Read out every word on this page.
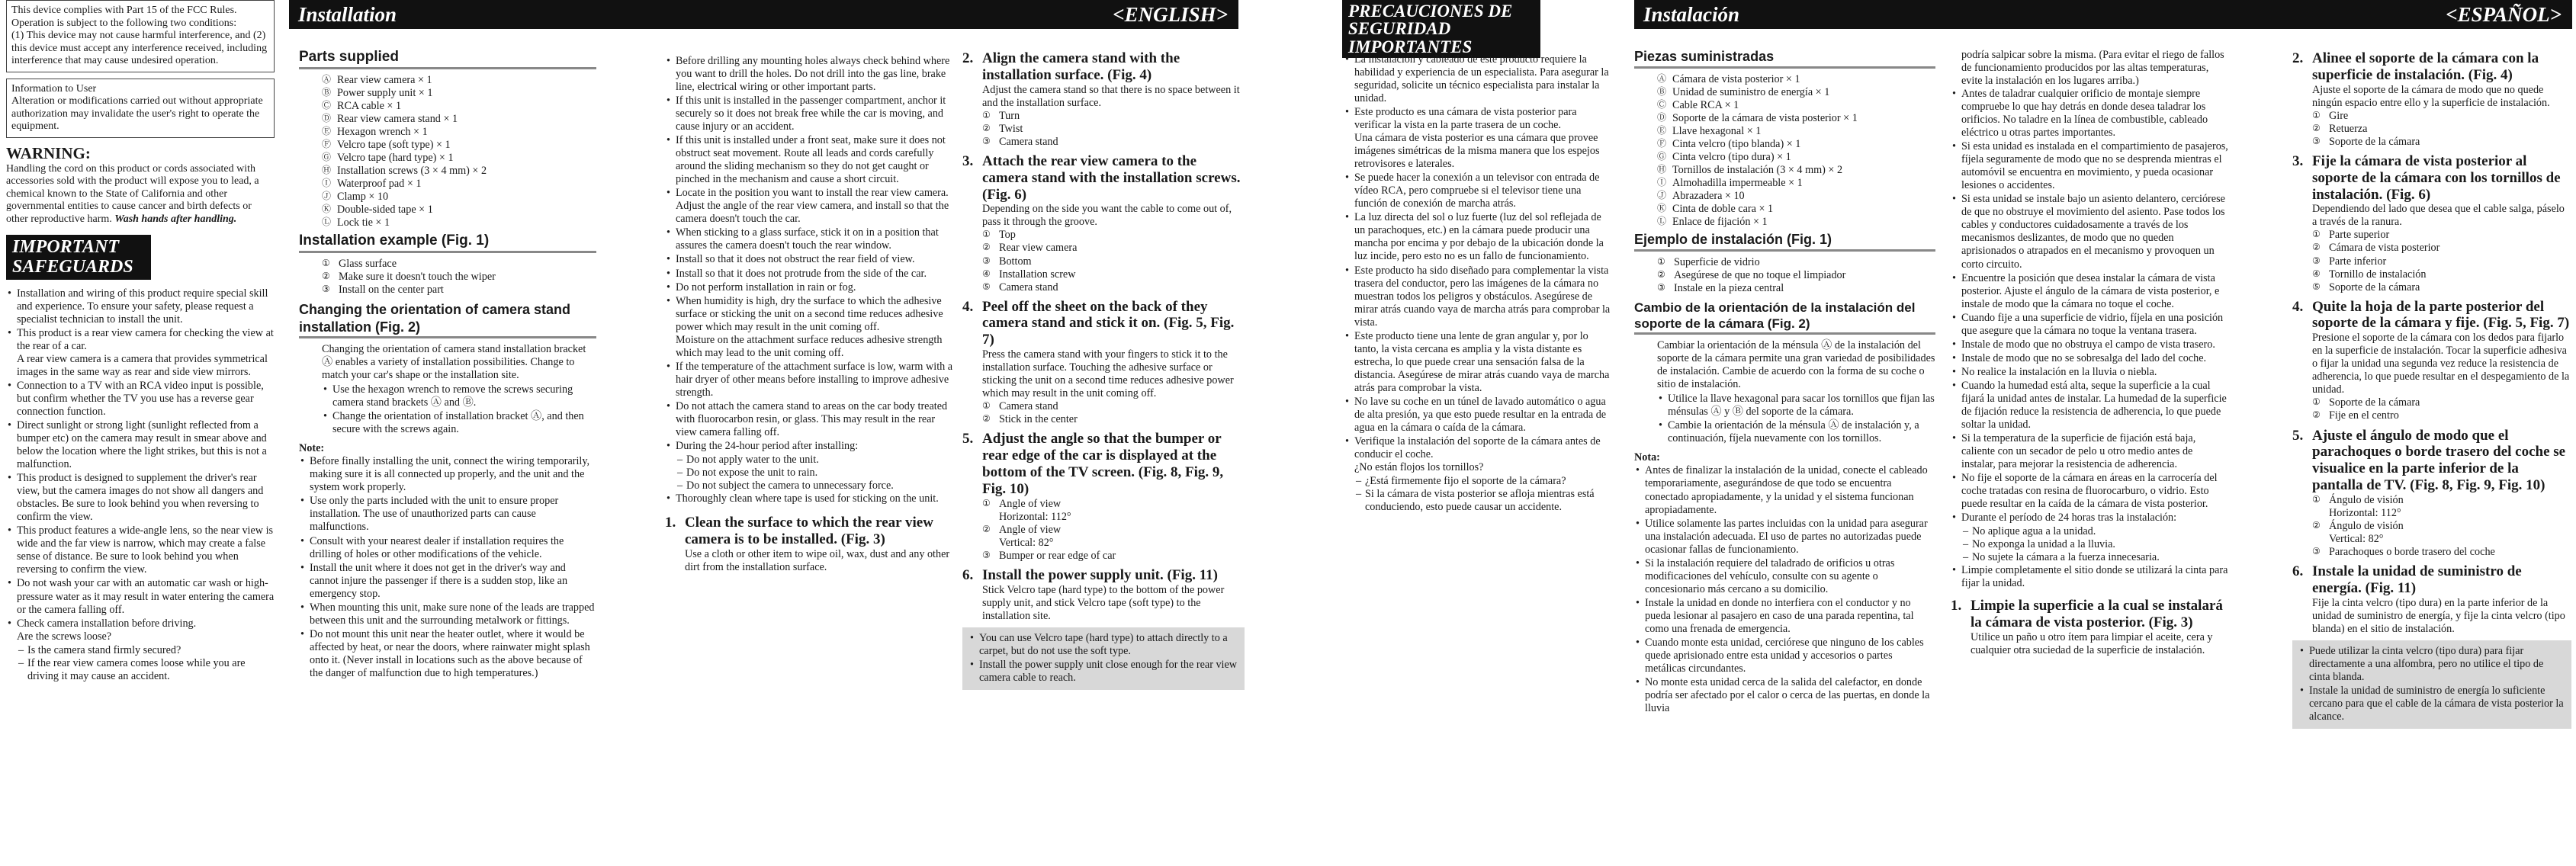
This device complies with Part 15 of the FCC Rules.
Operation is subject to the following two conditions:
(1) This device may not cause harmful interference, and (2) this device must accept any interference received, including interference that may cause undesired operation.
Information to User
Alteration or modifications carried out without appropriate authorization may invalidate the user's right to operate the equipment.
WARNING:
Handling the cord on this product or cords associated with accessories sold with the product will expose you to lead, a chemical known to the State of California and other governmental entities to cause cancer and birth defects or other reproductive harm. Wash hands after handling.
IMPORTANT SAFEGUARDS
• Installation and wiring of this product require special skill and experience. To ensure your safety, please request a specialist technician to install the unit.
• This product is a rear view camera for checking the view at the rear of a car.
A rear view camera is a camera that provides symmetrical images in the same way as rear and side view mirrors.
• Connection to a TV with an RCA video input is possible, but confirm whether the TV you use has a reverse gear connection function.
• Direct sunlight or strong light (sunlight reflected from a bumper etc) on the camera may result in smear above and below the location where the light strikes, but this is not a malfunction.
• This product is designed to supplement the driver's rear view, but the camera images do not show all dangers and obstacles. Be sure to look behind you when reversing to confirm the view.
• This product features a wide-angle lens, so the near view is wide and the far view is narrow, which may create a false sense of distance. Be sure to look behind you when reversing to confirm the view.
• Do not wash your car with an automatic car wash or high-pressure water as it may result in water entering the camera or the camera falling off.
• Check camera installation before driving.
Are the screws loose?
– Is the camera stand firmly secured?
– If the rear view camera comes loose while you are driving it may cause an accident.
Installation	<ENGLISH>
Parts supplied
Ⓐ Rear view camera × 1
Ⓑ Power supply unit × 1
Ⓒ RCA cable × 1
Ⓓ Rear view camera stand × 1
Ⓔ Hexagon wrench × 1
Ⓕ Velcro tape (soft type) × 1
Ⓖ Velcro tape (hard type) × 1
Ⓗ Installation screws (3 × 4 mm) × 2
Ⓘ Waterproof pad × 1
Ⓙ Clamp × 10
Ⓚ Double-sided tape × 1
Ⓛ Lock tie × 1
Installation example (Fig. 1)
① Glass surface
② Make sure it doesn't touch the wiper
③ Install on the center part
Changing the orientation of camera stand installation (Fig. 2)
Changing the orientation of camera stand installation bracket Ⓐ enables a variety of installation possibilities. Change to match your car's shape or the installation site.
• Use the hexagon wrench to remove the screws securing camera stand brackets Ⓐ and Ⓑ.
• Change the orientation of installation bracket Ⓐ, and then secure with the screws again.
Note:
• Before finally installing the unit, connect the wiring temporarily, making sure it is all connected up properly, and the unit and the system work properly.
• Use only the parts included with the unit to ensure proper installation. The use of unauthorized parts can cause malfunctions.
• Consult with your nearest dealer if installation requires the drilling of holes or other modifications of the vehicle.
• Install the unit where it does not get in the driver's way and cannot injure the passenger if there is a sudden stop, like an emergency stop.
• When mounting this unit, make sure none of the leads are trapped between this unit and the surrounding metalwork or fittings.
• Do not mount this unit near the heater outlet, where it would be affected by heat, or near the doors, where rainwater might splash onto it. (Never install in locations such as the above because of the danger of malfunction due to high temperatures.)
• Before drilling any mounting holes always check behind where you want to drill the holes. Do not drill into the gas line, brake line, electrical wiring or other important parts.
• If this unit is installed in the passenger compartment, anchor it securely so it does not break free while the car is moving, and cause injury or an accident.
• If this unit is installed under a front seat, make sure it does not obstruct seat movement. Route all leads and cords carefully around the sliding mechanism so they do not get caught or pinched in the mechanism and cause a short circuit.
• Locate in the position you want to install the rear view camera. Adjust the angle of the rear view camera, and install so that the camera doesn't touch the car.
• When sticking to a glass surface, stick it on in a position that assures the camera doesn't touch the rear window.
• Install so that it does not obstruct the rear field of view.
• Install so that it does not protrude from the side of the car.
• Do not perform installation in rain or fog.
• When humidity is high, dry the surface to which the adhesive surface or sticking the unit on a second time reduces adhesive power which may result in the unit coming off.
Moisture on the attachment surface reduces adhesive strength which may lead to the unit coming off.
• If the temperature of the attachment surface is low, warm with a hair dryer of other means before installing to improve adhesive strength.
• Do not attach the camera stand to areas on the car body treated with fluorocarbon resin, or glass. This may result in the rear view camera falling off.
• During the 24-hour period after installing:
– Do not apply water to the unit.
– Do not expose the unit to rain.
– Do not subject the camera to unnecessary force.
• Thoroughly clean where tape is used for sticking on the unit.
1. Clean the surface to which the rear view camera is to be installed. (Fig. 3)
Use a cloth or other item to wipe oil, wax, dust and any other dirt from the installation surface.
2. Align the camera stand with the installation surface. (Fig. 4)
Adjust the camera stand so that there is no space between it and the installation surface.
① Turn
② Twist
③ Camera stand
3. Attach the rear view camera to the camera stand with the installation screws. (Fig. 6)
Depending on the side you want the cable to come out of, pass it through the groove.
① Top
② Rear view camera
③ Bottom
④ Installation screw
⑤ Camera stand
4. Peel off the sheet on the back of they camera stand and stick it on. (Fig. 5, Fig. 7)
Press the camera stand with your fingers to stick it to the installation surface. Touching the adhesive surface or sticking the unit on a second time reduces adhesive power which may result in the unit coming off.
① Camera stand
② Stick in the center
5. Adjust the angle so that the bumper or rear edge of the car is displayed at the bottom of the TV screen. (Fig. 8, Fig. 9, Fig. 10)
① Angle of view
Horizontal: 112°
② Angle of view
Vertical: 82°
③ Bumper or rear edge of car
6. Install the power supply unit. (Fig. 11)
Stick Velcro tape (hard type) to the bottom of the power supply unit, and stick Velcro tape (soft type) to the installation site.
• You can use Velcro tape (hard type) to attach directly to a carpet, but do not use the soft type.
• Install the power supply unit close enough for the rear view camera cable to reach.
PRECAUCIONES DE SEGURIDAD IMPORTANTES
• La instalación y cableado de este producto requiere la habilidad y experiencia de un especialista. Para asegurar la seguridad, solicite un técnico especialista para instalar la unidad.
• Este producto es una cámara de vista posterior para verificar la vista en la parte trasera de un coche.
Una cámara de vista posterior es una cámara que provee imágenes simétricas de la misma manera que los espejos retrovisores e laterales.
• Se puede hacer la conexión a un televisor con entrada de vídeo RCA, pero compruebe si el televisor tiene una función de conexión de marcha atrás.
• La luz directa del sol o luz fuerte (luz del sol reflejada de un parachoques, etc.) en la cámara puede producir una mancha por encima y por debajo de la ubicación donde la luz incide, pero esto no es un fallo de funcionamiento.
• Este producto ha sido diseñado para complementar la vista trasera del conductor, pero las imágenes de la cámara no muestran todos los peligros y obstáculos. Asegúrese de mirar atrás cuando vaya de marcha atrás para comprobar la vista.
• Este producto tiene una lente de gran angular y, por lo tanto, la vista cercana es amplia y la vista distante es estrecha, lo que puede crear una sensación falsa de la distancia. Asegúrese de mirar atrás cuando vaya de marcha atrás para comprobar la vista.
• No lave su coche en un túnel de lavado automático o agua de alta presión, ya que esto puede resultar en la entrada de agua en la cámara o caída de la cámara.
• Verifique la instalación del soporte de la cámara antes de conducir el coche.
¿No están flojos los tornillos?
– ¿Está firmemente fijo el soporte de la cámara?
– Si la cámara de vista posterior se afloja mientras está conduciendo, esto puede causar un accidente.
Instalación	<ESPAÑOL>
Piezas suministradas
Ⓐ Cámara de vista posterior × 1
Ⓑ Unidad de suministro de energía × 1
Ⓒ Cable RCA × 1
Ⓓ Soporte de la cámara de vista posterior × 1
Ⓔ Llave hexagonal × 1
Ⓕ Cinta velcro (tipo blanda) × 1
Ⓖ Cinta velcro (tipo dura) × 1
Ⓗ Tornillos de instalación (3 × 4 mm) × 2
Ⓘ Almohadilla impermeable × 1
Ⓙ Abrazadera × 10
Ⓚ Cinta de doble cara × 1
Ⓛ Enlace de fijación × 1
Ejemplo de instalación (Fig. 1)
① Superficie de vidrio
② Asegúrese de que no toque el limpiador
③ Instale en la pieza central
Cambio de la orientación de la instalación del soporte de la cámara (Fig. 2)
Cambiar la orientación de la ménsula Ⓐ de la instalación del soporte de la cámara permite una gran variedad de posibilidades de instalación. Cambie de acuerdo con la forma de su coche o sitio de instalación.
• Utilice la llave hexagonal para sacar los tornillos que fijan las ménsulas Ⓐ y Ⓑ del soporte de la cámara.
• Cambie la orientación de la ménsula Ⓐ de instalación y, a continuación, fíjela nuevamente con los tornillos.
Nota:
• Antes de finalizar la instalación de la unidad, conecte el cableado temporariamente, asegurándose de que todo se encuentra conectado apropiadamente, y la unidad y el sistema funcionan apropiadamente.
• Utilice solamente las partes incluidas con la unidad para asegurar una instalación adecuada. El uso de partes no autorizadas puede ocasionar fallas de funcionamiento.
• Si la instalación requiere del taladrado de orificios u otras modificaciones del vehículo, consulte con su agente o concesionario más cercano a su domicilio.
• Instale la unidad en donde no interfiera con el conductor y no pueda lesionar al pasajero en caso de una parada repentina, tal como una frenada de emergencia.
• Cuando monte esta unidad, cerciórese que ninguno de los cables quede aprisionado entre esta unidad y accesorios o partes metálicas circundantes.
• No monte esta unidad cerca de la salida del calefactor, en donde podría ser afectado por el calor o cerca de las puertas, en donde la lluvia
podría salpicar sobre la misma. (Para evitar el riego de fallos de funcionamiento producidos por las altas temperaturas, evite la instalación en los lugares arriba.)
• Antes de taladrar cualquier orificio de montaje siempre compruebe lo que hay detrás en donde desea taladrar los orificios. No taladre en la línea de combustible, cableado eléctrico u otras partes importantes.
• Si esta unidad es instalada en el compartimiento de pasajeros, fíjela seguramente de modo que no se desprenda mientras el automóvil se encuentra en movimiento, y pueda ocasionar lesiones o accidentes.
• Si esta unidad se instale bajo un asiento delantero, cerciórese de que no obstruye el movimiento del asiento. Pase todos los cables y conductores cuidadosamente a través de los mecanismos deslizantes, de modo que no queden aprisionados o atrapados en el mecanismo y provoquen un corto circuito.
• Encuentre la posición que desea instalar la cámara de vista posterior. Ajuste el ángulo de la cámara de vista posterior, e instale de modo que la cámara no toque el coche.
• Cuando fije a una superficie de vidrio, fíjela en una posición que asegure que la cámara no toque la ventana trasera.
• Instale de modo que no obstruya el campo de vista trasero.
• Instale de modo que no se sobresalga del lado del coche.
• No realice la instalación en la lluvia o niebla.
• Cuando la humedad está alta, seque la superficie a la cual fijará la unidad antes de instalar. La humedad de la superficie de fijación reduce la resistencia de adherencia, lo que puede soltar la unidad.
• Si la temperatura de la superficie de fijación está baja, caliente con un secador de pelo u otro medio antes de instalar, para mejorar la resistencia de adherencia.
• No fije el soporte de la cámara en áreas en la carrocería del coche tratadas con resina de fluorocarburo, o vidrio. Esto puede resultar en la caída de la cámara de vista posterior.
• Durante el período de 24 horas tras la instalación:
– No aplique agua a la unidad.
– No exponga la unidad a la lluvia.
– No sujete la cámara a la fuerza innecesaria.
• Limpie completamente el sitio donde se utilizará la cinta para fijar la unidad.
1. Limpie la superficie a la cual se instalará la cámara de vista posterior. (Fig. 3)
Utilice un paño u otro ítem para limpiar el aceite, cera y cualquier otra suciedad de la superficie de instalación.
2. Alinee el soporte de la cámara con la superficie de instalación. (Fig. 4)
Ajuste el soporte de la cámara de modo que no quede ningún espacio entre ello y la superficie de instalación.
① Gire
② Retuerza
③ Soporte de la cámara
3. Fije la cámara de vista posterior al soporte de la cámara con los tornillos de instalación. (Fig. 6)
Dependiendo del lado que desea que el cable salga, páselo a través de la ranura.
① Parte superior
② Cámara de vista posterior
③ Parte inferior
④ Tornillo de instalación
⑤ Soporte de la cámara
4. Quite la hoja de la parte posterior del soporte de la cámara y fije. (Fig. 5, Fig. 7)
Presione el soporte de la cámara con los dedos para fijarlo en la superficie de instalación. Tocar la superficie adhesiva o fijar la unidad una segunda vez reduce la resistencia de adherencia, lo que puede resultar en el despegamiento de la unidad.
① Soporte de la cámara
② Fije en el centro
5. Ajuste el ángulo de modo que el parachoques o borde trasero del coche se visualice en la parte inferior de la pantalla de TV. (Fig. 8, Fig. 9, Fig. 10)
① Ángulo de visión
Horizontal: 112°
② Ángulo de visión
Vertical: 82°
③ Parachoques o borde trasero del coche
6. Instale la unidad de suministro de energía. (Fig. 11)
Fije la cinta velcro (tipo dura) en la parte inferior de la unidad de suministro de energía, y fije la cinta velcro (tipo blanda) en el sitio de instalación.
• Puede utilizar la cinta velcro (tipo dura) para fijar directamente a una alfombra, pero no utilice el tipo de cinta blanda.
• Instale la unidad de suministro de energía lo suficiente cercano para que el cable de la cámara de vista posterior la alcance.
